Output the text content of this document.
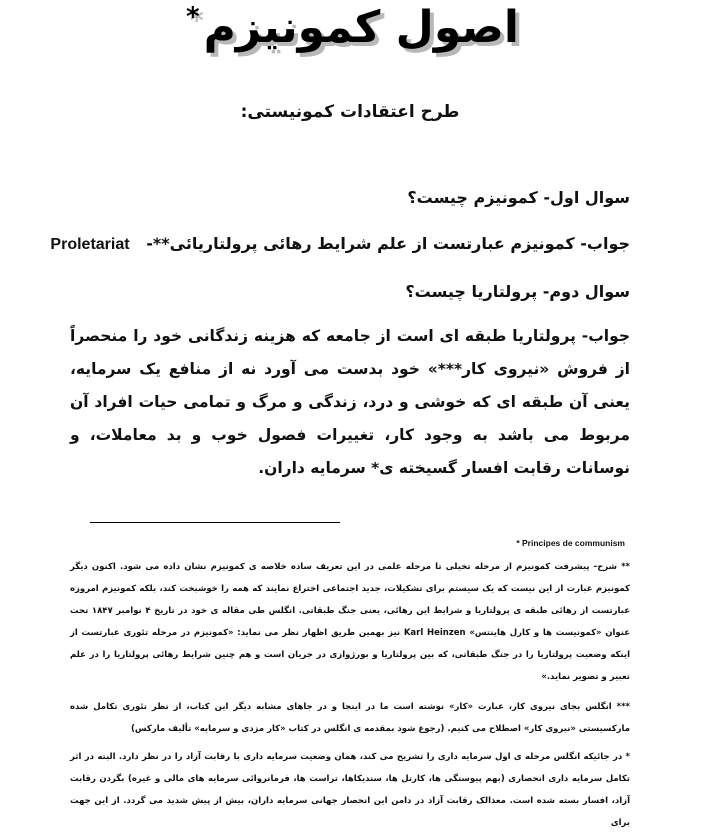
اصول کمونیزم*
طرح اعتقادات کمونیستی:
سوال اول- کمونیزم چیست؟
جواب- کمونیزم عبارتست از علم شرایط رهائی پرولتاریائی**-   Proletariat
سوال دوم- پرولتاریا چیست؟
جواب- پرولتاریا طبقه ای است از جامعه که هزینه زندگانی خود را منحصراً از فروش «نیروی کار***» خود بدست می آورد نه از منافع یک سرمایه، یعنی آن طبقه ای که خوشی و درد، زندگی و مرگ و تمامی حیات افراد آن مربوط می باشد به وجود کار، تغییرات فصول خوب و بد معاملات، و نوسانات رقابت افسار گسیخته ی* سرمایه داران.
* Principes de communism
** شرح- پیشرفت کمونیزم از مرحله تخیلی تا مرحله علمی در این تعریف ساده خلاصه ی کمونیزم نشان داده می شود. اکنون دیگر کمونیزم عبارت از این نیست که یک سیستم برای تشکیلات، جدید اجتماعی اختراع نمایند که همه را خوشبخت کند، بلکه کمونیزم امروزه عبارتست از رهائی طبقه ی پرولتاریا و شرایط این رهائی، یعنی جنگ طبقاتی. انگلس طی مقاله ی خود در تاریخ ۴ نوامبر ۱۸۴۷ تحت عنوان «کمونیست ها و کارل هاینتس» Karl Heinzen نیز بهمین طریق اظهار نظر می نماید: «کمونیزم در مرحله تئوری عبارتست از اینکه وضعیت پرولتاریا را در جنگ طبقاتی، که بین پرولتاریا و بورژوازی در جریان است و هم چنین شرایط رهائی پرولتاریا را در علم تعبیر و تصویر نماید.»
*** انگلس بجای نیروی کار، عبارت «کار» نوشته است ما در اینجا و در جاهای مشابه دیگر این کتاب، از نظر تئوری تکامل شده مارکسیستی «نیروی کار» اصطلاح می کنیم. (رجوع شود بمقدمه ی انگلس در کتاب «کار مزدی و سرمایه» تألیف مارکس)
* در جائیکه انگلس مرحله ی اول سرمایه داری را تشریح می کند، همان وضعیت سرمایه داری با رقابت آزاد را در نظر دارد. البته در اثر تکامل سرمایه داری انحصاری (بهم پیوستگی ها، کارتل ها، سندیکاها، تراست ها، فرمانروائی سرمایه های مالی و غیره) بگردن رقابت آزاد، افسار بسته شده است. معذالک رقابت آزاد در دامن این انحصار جهانی سرمایه داران، بیش از پیش شدید می گردد. از این جهت برای
